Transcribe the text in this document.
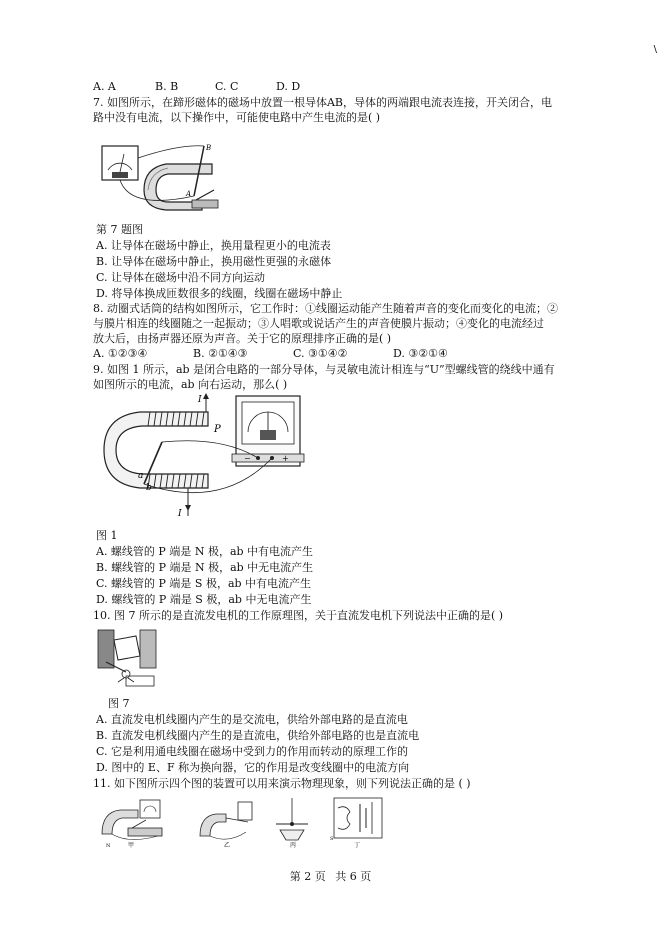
\
A. A	B. B	C. C	D. D
7. 如图所示，在蹄形磁体的磁场中放置一根导体AB，导体的两端跟电流表连接，开关闭合，电
路中没有电流，以下操作中，可能使电路中产生电流的是( )
B
A
第 7 题图
A. 让导体在磁场中静止，换用量程更小的电流表
B. 让导体在磁场中静止，换用磁性更强的永磁体
C. 让导体在磁场中沿不同方向运动
D. 将导体换成匝数很多的线圈，线圈在磁场中静止
8. 动圈式话筒的结构如图所示，它工作时：①线圈运动能产生随着声音的变化而变化的电流；②
与膜片相连的线圈随之一起振动；③人唱歌或说话产生的声音使膜片振动；④变化的电流经过
放大后，由扬声器还原为声音。关于它的原理排序正确的是( )
A. ①②③④	B. ②①④③	C. ③①④②	D. ③②①④
9. 如图 1 所示，ab 是闭合电路的一部分导体，与灵敏电流计相连与“U”型螺线管的绕线中通有
如图所示的电流，ab 向右运动，那么( )
I
P
I
a
b
−	+
图 1
A. 螺线管的 P 端是 N 极，ab 中有电流产生
B. 螺线管的 P 端是 N 极，ab 中无电流产生
C. 螺线管的 P 端是 S 极，ab 中有电流产生
D. 螺线管的 P 端是 S 极，ab 中无电流产生
10. 图 7 所示的是直流发电机的工作原理图，关于直流发电机下列说法中正确的是( )
图 7
A. 直流发电机线圈内产生的是交流电，供给外部电路的是直流电
B. 直流发电机线圈内产生的是直流电，供给外部电路的也是直流电
C. 它是利用通电线圈在磁场中受到力的作用而转动的原理工作的
D. 图中的 E、F 称为换向器，它的作用是改变线圈中的电流方向
11. 如下图所示四个图的装置可以用来演示物理现象，则下列说法正确的是 ( )
N	甲	乙	丙
S
丁
第 2 页 共 6 页
